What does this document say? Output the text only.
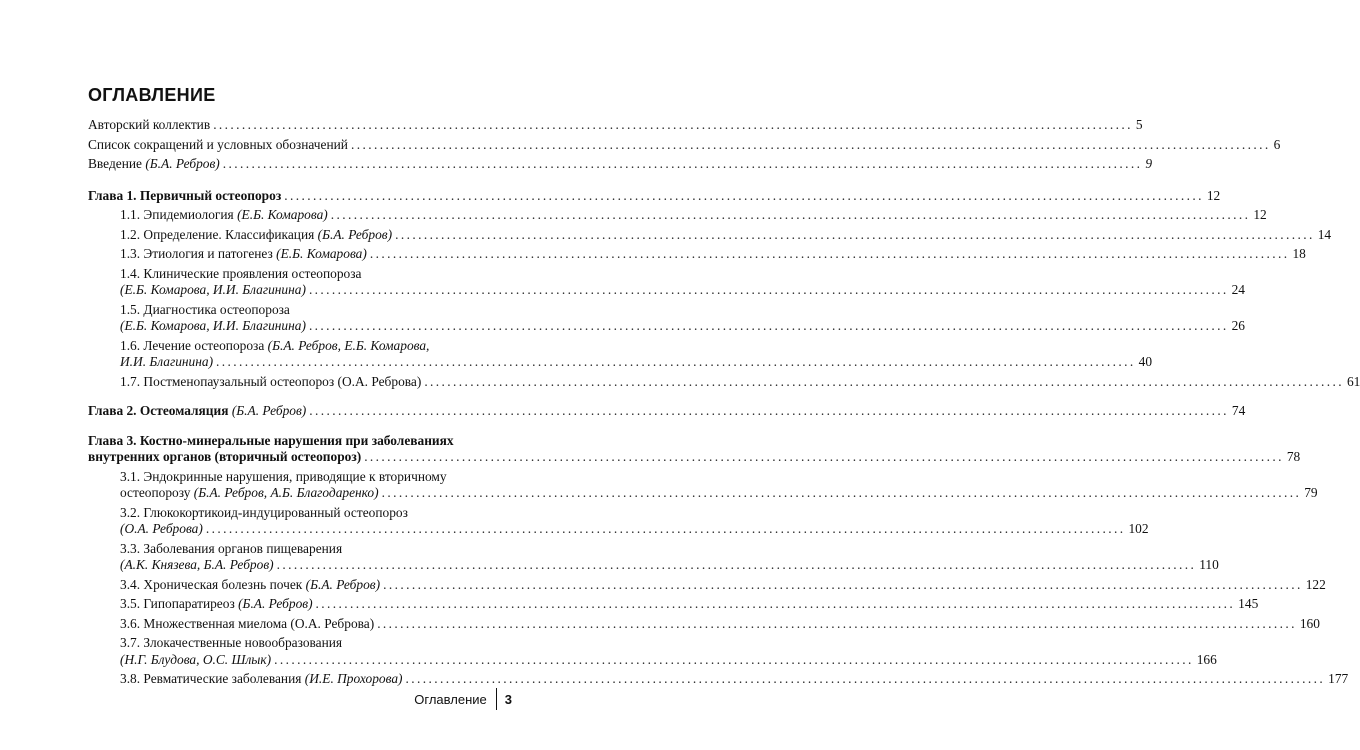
ОГЛАВЛЕНИЕ
Авторский коллектив .....	5
Список сокращений и условных обозначений .....	6
Введение (Б.А. Ребров) .....	9
Глава 1. Первичный остеопороз .....	12
1.1. Эпидемиология (Е.Б. Комарова) .....	12
1.2. Определение. Классификация (Б.А. Ребров) .....	14
1.3. Этиология и патогенез (Е.Б. Комарова) .....	18
1.4. Клинические проявления остеопороза
(Е.Б. Комарова, И.И. Благинина) .....	24
1.5. Диагностика остеопороза
(Е.Б. Комарова, И.И. Благинина) .....	26
1.6. Лечение остеопороза (Б.А. Ребров, Е.Б. Комарова,
И.И. Благинина) .....	40
1.7. Постменопаузальный остеопороз (О.А. Реброва) .....	61
Глава 2. Остеомаляция (Б.А. Ребров) .....	74
Глава 3. Костно-минеральные нарушения при заболеваниях
внутренних органов (вторичный остеопороз) .....	78
3.1. Эндокринные нарушения, приводящие к вторичному
остеопорозу (Б.А. Ребров, А.Б. Благодаренко) .....	79
3.2. Глюкокортикоид-индуцированный остеопороз
(О.А. Реброва) .....	102
3.3. Заболевания органов пищеварения
(А.К. Князева, Б.А. Ребров) .....	110
3.4. Хроническая болезнь почек (Б.А. Ребров) .....	122
3.5. Гипопаратиреоз (Б.А. Ребров) .....	145
3.6. Множественная миелома (О.А. Реброва) .....	160
3.7. Злокачественные новообразования
(Н.Г. Блудова, О.С. Шлык) .....	166
3.8. Ревматические заболевания (И.Е. Прохорова) .....	177
Оглавление 3
